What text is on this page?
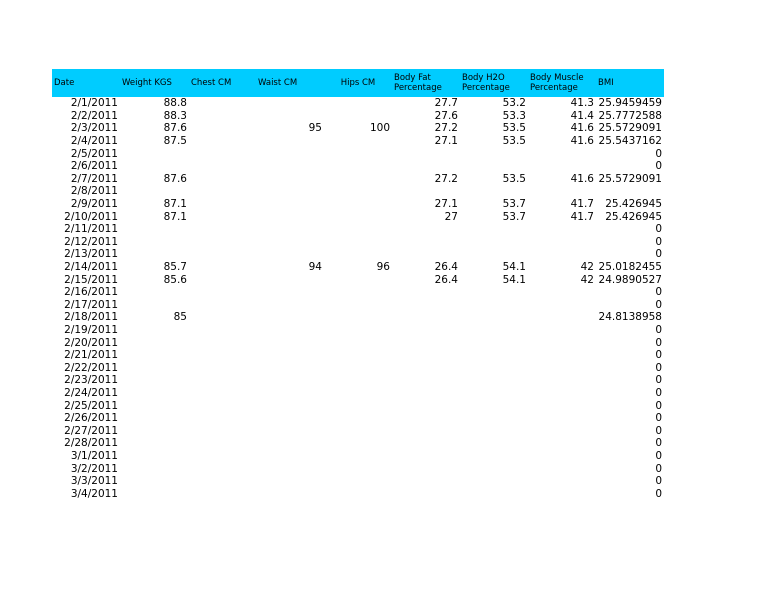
Date	Weight KGS	Chest CM	Waist CM	Hips CM	Body Fat Percentage	Body H2O Percentage	Body Muscle Percentage	BMI
2/1/2011	88.8				27.7	53.2	41.3	25.9459459
2/2/2011	88.3				27.6	53.3	41.4	25.7772588
2/3/2011	87.6		95	100	27.2	53.5	41.6	25.5729091
2/4/2011	87.5				27.1	53.5	41.6	25.5437162
2/5/2011								0
2/6/2011								0
2/7/2011	87.6				27.2	53.5	41.6	25.5729091
2/8/2011								
2/9/2011	87.1				27.1	53.7	41.7	25.426945
2/10/2011	87.1				27	53.7	41.7	25.426945
2/11/2011								0
2/12/2011								0
2/13/2011								0
2/14/2011	85.7		94	96	26.4	54.1	42	25.0182455
2/15/2011	85.6				26.4	54.1	42	24.9890527
2/16/2011								0
2/17/2011								0
2/18/2011	85							24.8138958
2/19/2011								0
2/20/2011								0
2/21/2011								0
2/22/2011								0
2/23/2011								0
2/24/2011								0
2/25/2011								0
2/26/2011								0
2/27/2011								0
2/28/2011								0
3/1/2011								0
3/2/2011								0
3/3/2011								0
3/4/2011								0
